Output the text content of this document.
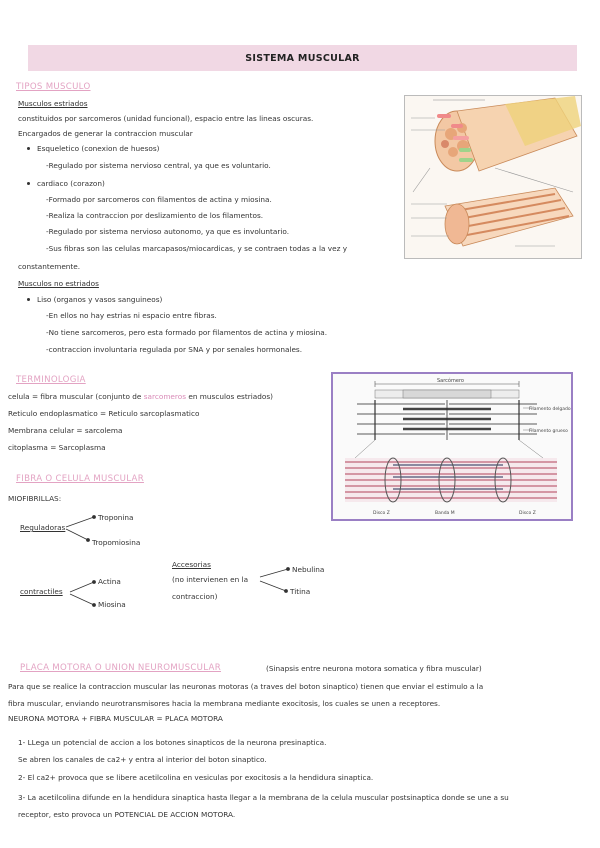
SISTEMA MUSCULAR
TIPOS MUSCULO
Musculos estriados
constituidos por sarcomeros (unidad funcional), espacio entre las lineas oscuras.
Encargados de generar la contraccion muscular
Esqueletico (conexion de huesos)
-Regulado por sistema nervioso central, ya que es voluntario.
cardiaco (corazon)
-Formado por sarcomeros con filamentos de actina y miosina.
-Realiza la contraccion por deslizamiento de los filamentos.
-Regulado por sistema nervioso autonomo, ya que es involuntario.
-Sus fibras son las celulas marcapasos/miocardicas, y se contraen todas a la vez y
constantemente.
Musculos no estriados
Liso (organos y vasos sanguineos)
-En ellos no hay estrias ni espacio entre fibras.
-No tiene sarcomeros, pero esta formado por filamentos de actina y miosina.
-contraccion involuntaria regulada por SNA y por senales hormonales.
TERMINOLOGIA
celula = fibra muscular (conjunto de sarcomeros en musculos estriados)
Reticulo endoplasmatico = Reticulo sarcoplasmatico
Membrana celular = sarcolema
citoplasma = Sarcoplasma
Sarcómero
Filamento delgado
Filamento grueso
Disco Z	Banda M	Disco Z
FIBRA O CELULA MUSCULAR
MIOFIBRILLAS:
Reguladoras
Troponina
Tropomiosina
contractiles
Actina
Miosina
Accesorias
(no intervienen en la
contraccion)
Nebulina
Titina
PLACA MOTORA O UNION NEUROMUSCULAR	(Sinapsis entre neurona motora somatica y fibra muscular)
Para que se realice la contraccion muscular las neuronas motoras (a traves del boton sinaptico) tienen que enviar el estimulo a la
fibra muscular, enviando neurotransmisores hacia la membrana mediante exocitosis, los cuales se unen a receptores.
NEURONA MOTORA + FIBRA MUSCULAR = PLACA MOTORA
1- LLega un potencial de accion a los botones sinapticos de la neurona presinaptica.
Se abren los canales de ca2+ y entra al interior del boton sinaptico.
2- El ca2+ provoca que se libere acetilcolina en vesiculas por exocitosis a la hendidura sinaptica.
3- La acetilcolina difunde en la hendidura sinaptica hasta llegar a la membrana de la celula muscular postsinaptica donde se une a su
receptor, esto provoca un POTENCIAL DE ACCION MOTORA.
